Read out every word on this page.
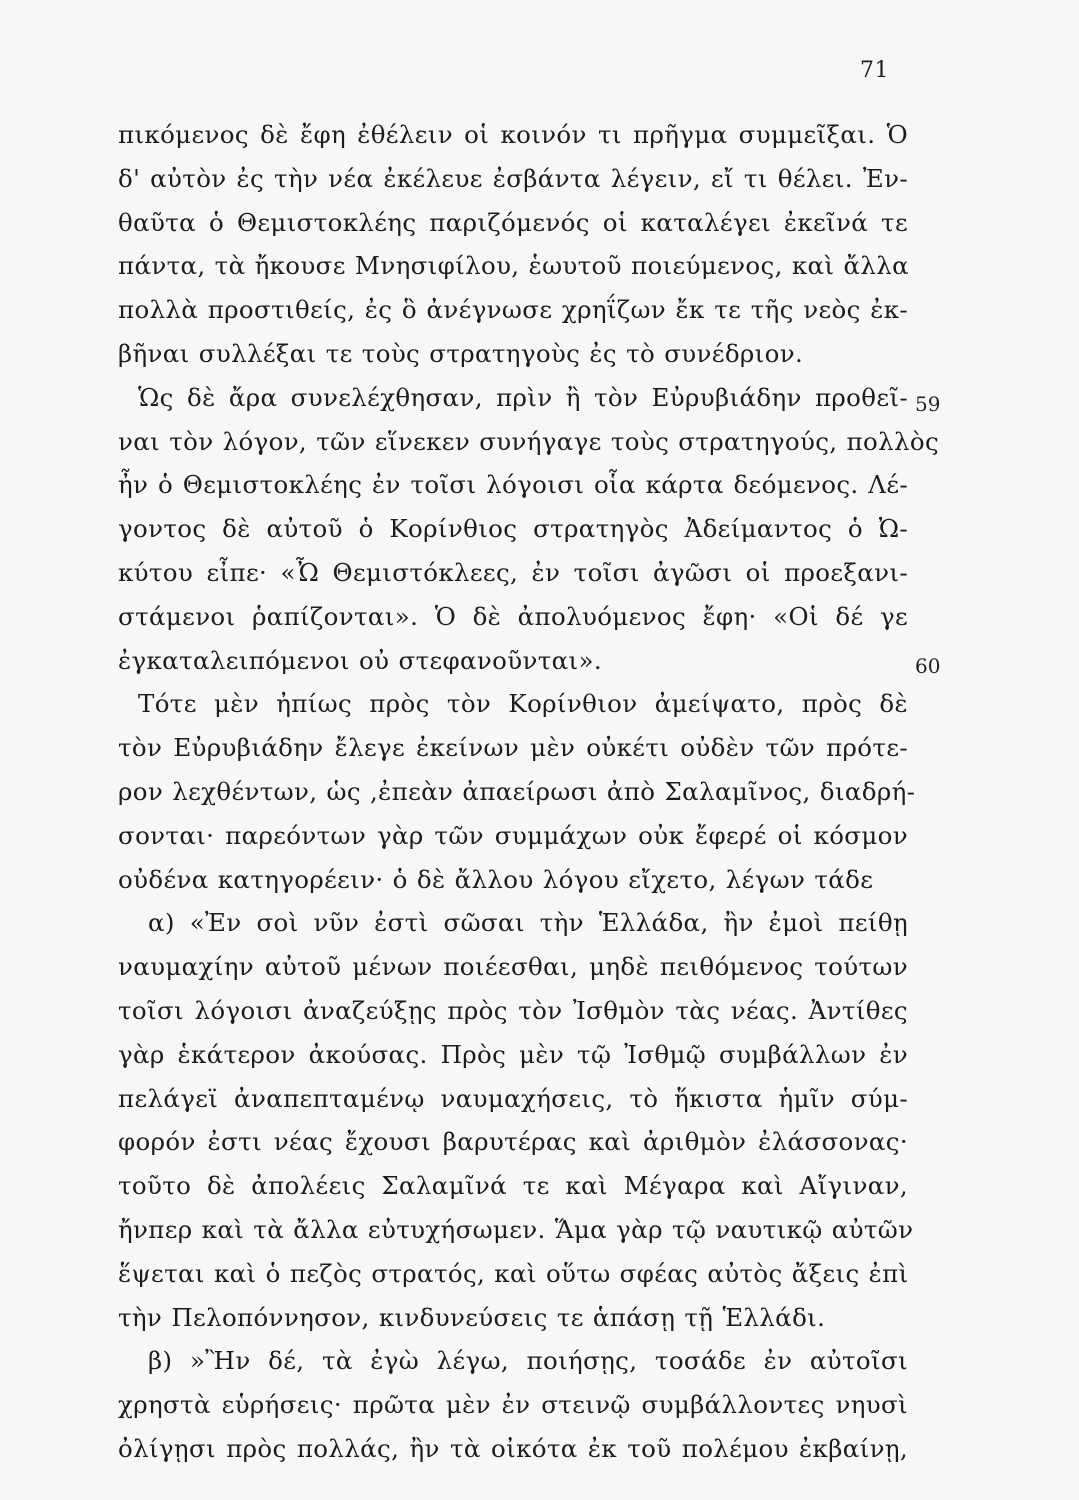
71
59
60
πικόμενος δὲ ἔφη ἐθέλειν οἱ κοινόν τι πρῆγμα συμμεῖξαι. Ὁ
δ' αὐτὸν ἐς τὴν νέα ἐκέλευε ἐσβάντα λέγειν, εἴ τι θέλει. Ἐν-
θαῦτα ὁ Θεμιστοκλέης παριζόμενός οἱ καταλέγει ἐκεῖνά τε
πάντα, τὰ ἤκουσε Μνησιφίλου, ἑωυτοῦ ποιεύμενος, καὶ ἄλλα
πολλὰ προστιθείς, ἐς ὃ ἀνέγνωσε χρηΐζων ἔκ τε τῆς νεὸς ἐκ-
βῆναι συλλέξαι τε τοὺς στρατηγοὺς ἐς τὸ συνέδριον.
Ὡς δὲ ἄρα συνελέχθησαν, πρὶν ἢ τὸν Εὐρυβιάδην προθεῖ-
ναι τὸν λόγον, τῶν εἵνεκεν συνήγαγε τοὺς στρατηγούς, πολλὸς
ἦν ὁ Θεμιστοκλέης ἐν τοῖσι λόγοισι οἷα κάρτα δεόμενος. Λέ-
γοντος δὲ αὐτοῦ ὁ Κορίνθιος στρατηγὸς Ἀδείμαντος ὁ Ὠ-
κύτου εἶπε· «Ὦ Θεμιστόκλεες, ἐν τοῖσι ἀγῶσι οἱ προεξανι-
στάμενοι ῥαπίζονται». Ὁ δὲ ἀπολυόμενος ἔφη· «Οἱ δέ γε
ἐγκαταλειπόμενοι οὐ στεφανοῦνται».
Τότε μὲν ἠπίως πρὸς τὸν Κορίνθιον ἀμείψατο, πρὸς δὲ
τὸν Εὐρυβιάδην ἔλεγε ἐκείνων μὲν οὐκέτι οὐδὲν τῶν πρότε-
ρον λεχθέντων, ὡς ,ἐπεὰν ἀπαείρωσι ἀπὸ Σαλαμῖνος, διαδρή-
σονται· παρεόντων γὰρ τῶν συμμάχων οὐκ ἔφερέ οἱ κόσμον
οὐδένα κατηγορέειν· ὁ δὲ ἄλλου λόγου εἴχετο, λέγων τάδε
α) «Ἐν σοὶ νῦν ἐστὶ σῶσαι τὴν Ἑλλάδα, ἢν ἐμοὶ πείθῃ
ναυμαχίην αὐτοῦ μένων ποιέεσθαι, μηδὲ πειθόμενος τούτων
τοῖσι λόγοισι ἀναζεύξῃς πρὸς τὸν Ἰσθμὸν τὰς νέας. Ἀντίθες
γὰρ ἑκάτερον ἀκούσας. Πρὸς μὲν τῷ Ἰσθμῷ συμβάλλων ἐν
πελάγεϊ ἀναπεπταμένῳ ναυμαχήσεις, τὸ ἥκιστα ἡμῖν σύμ-
φορόν ἐστι νέας ἔχουσι βαρυτέρας καὶ ἀριθμὸν ἐλάσσονας·
τοῦτο δὲ ἀπολέεις Σαλαμῖνά τε καὶ Μέγαρα καὶ Αἴγιναν,
ἤνπερ καὶ τὰ ἄλλα εὐτυχήσωμεν. Ἅμα γὰρ τῷ ναυτικῷ αὐτῶν
ἕψεται καὶ ὁ πεζὸς στρατός, καὶ οὕτω σφέας αὐτὸς ἄξεις ἐπὶ
τὴν Πελοπόννησον, κινδυνεύσεις τε ἁπάσῃ τῇ Ἑλλάδι.
β) »Ἢν δέ, τὰ ἐγὼ λέγω, ποιήσῃς, τοσάδε ἐν αὐτοῖσι
χρηστὰ εὑρήσεις· πρῶτα μὲν ἐν στεινῷ συμβάλλοντες νηυσὶ
ὀλίγῃσι πρὸς πολλάς, ἢν τὰ οἰκότα ἐκ τοῦ πολέμου ἐκβαίνῃ,
